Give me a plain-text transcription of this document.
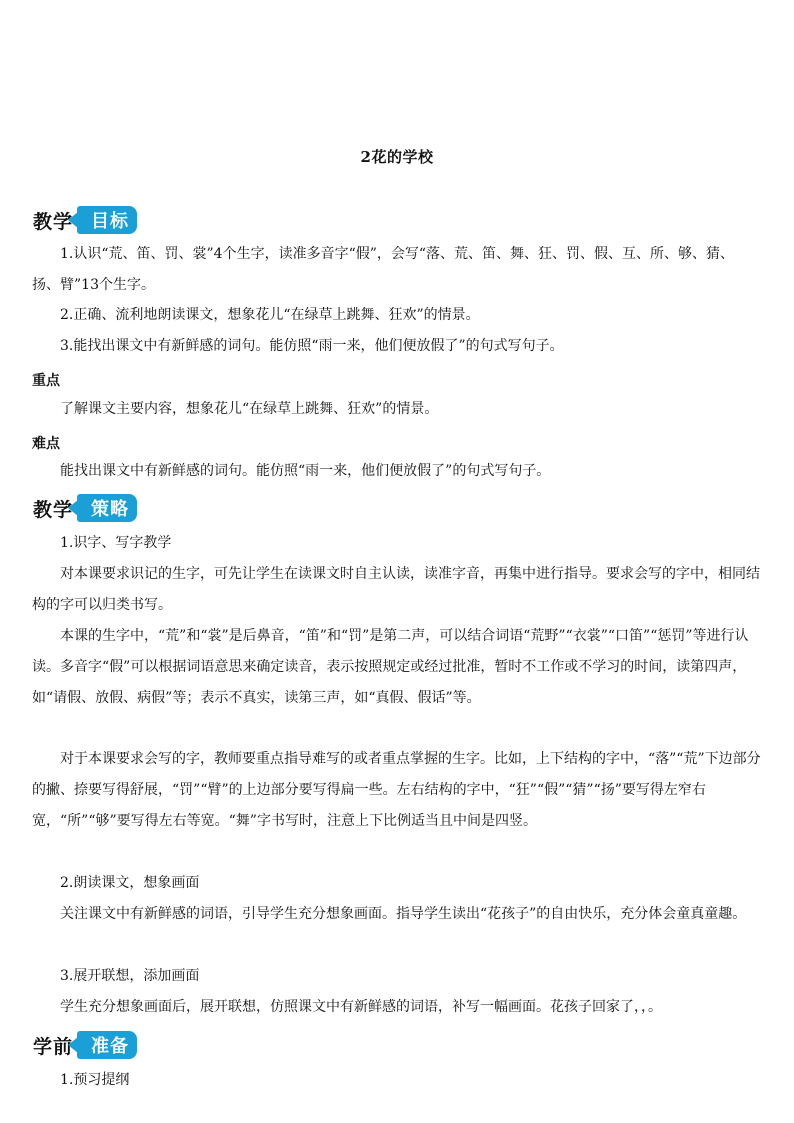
2花的学校
教学	目标

1.认识“荒、笛、罚、裳”4个生字，读准多音字“假”，会写“落、荒、笛、舞、狂、罚、假、互、所、够、猜、扬、臂”13个生字。

2.正确、流利地朗读课文，想象花儿“在绿草上跳舞、狂欢”的情景。

3.能找出课文中有新鲜感的词句。能仿照“雨一来，他们便放假了”的句式写句子。

重点

了解课文主要内容，想象花儿“在绿草上跳舞、狂欢”的情景。

难点

能找出课文中有新鲜感的词句。能仿照“雨一来，他们便放假了”的句式写句子。

教学	策略

1.识字、写字教学

对本课要求识记的生字，可先让学生在读课文时自主认读，读准字音，再集中进行指导。要求会写的字中，相同结构的字可以归类书写。

本课的生字中，“荒”和“裳”是后鼻音，“笛”和“罚”是第二声，可以结合词语“荒野”“衣裳”“口笛”“惩罚”等进行认读。多音字“假”可以根据词语意思来确定读音，表示按照规定或经过批准，暂时不工作或不学习的时间，读第四声，如“请假、放假、病假”等；表示不真实，读第三声，如“真假、假话”等。

对于本课要求会写的字，教师要重点指导难写的或者重点掌握的生字。比如，上下结构的字中，“落”“荒”下边部分的撇、捺要写得舒展，“罚”“臂”的上边部分要写得扁一些。左右结构的字中，“狂”“假”“猜”“扬”要写得左窄右宽，“所”“够”要写得左右等宽。“舞”字书写时，注意上下比例适当且中间是四竖。

2.朗读课文，想象画面

关注课文中有新鲜感的词语，引导学生充分想象画面。指导学生读出“花孩子”的自由快乐，充分体会童真童趣。

3.展开联想，添加画面

学生充分想象画面后，展开联想，仿照课文中有新鲜感的词语，补写一幅画面。花孩子回家了，，。

学前	准备

1.预习提纲
